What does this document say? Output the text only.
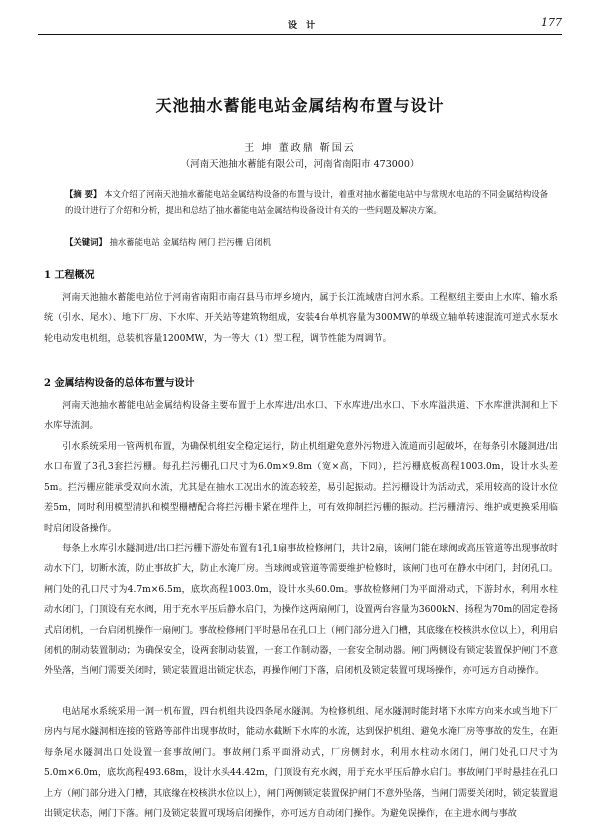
设 计	177
天池抽水蓄能电站金属结构布置与设计
王 坤 董政鼎 靳国云
（河南天池抽水蓄能有限公司，河南省南阳市 473000）
【摘 要】 本文介绍了河南天池抽水蓄能电站金属结构设备的布置与设计，着重对抽水蓄能电站中与常规水电站的不同金属结构设备的设计进行了介绍和分析，提出和总结了抽水蓄能电站金属结构设备设计有关的一些问题及解决方案。
【关键词】 抽水蓄能电站 金属结构 闸门 拦污栅 启闭机
1 工程概况

河南天池抽水蓄能电站位于河南省南阳市南召县马市坪乡境内，属于长江流域唐白河水系。工程枢纽主要由上水库、输水系统（引水、尾水）、地下厂房、下水库、开关站等建筑物组成，安装4台单机容量为300MW的单级立轴单转速混流可逆式水泵水轮电动发电机组，总装机容量1200MW，为一等大（1）型工程，调节性能为周调节。

2 金属结构设备的总体布置与设计

河南天池抽水蓄能电站金属结构设备主要布置于上水库进/出水口、下水库进/出水口、下水库溢洪道、下水库泄洪洞和上下水库导流洞。

引水系统采用一管两机布置，为确保机组安全稳定运行，防止机组避免意外污物进入流道而引起破坏，在每条引水隧洞进/出水口布置了3孔3套拦污栅。每孔拦污栅孔口尺寸为6.0m×9.8m（宽×高，下同），拦污栅底板高程1003.0m，设计水头差5m。拦污栅应能承受双向水流，尤其是在抽水工况出水的流态较差，易引起振动。拦污栅设计为活动式，采用较高的设计水位差5m，同时利用模型清扒和模型栅槽配合将拦污栅卡紧在埋件上，可有效抑制拦污栅的振动。拦污栅清污、维护或更换采用临时启闭设备操作。

每条上水库引水隧洞进/出口拦污栅下游处布置有1孔1扇事故检修闸门，共计2扇，该闸门能在球阀或高压管道等出现事故时动水下门，切断水流，防止事故扩大，防止水淹厂房。当球阀或管道等需要维护检修时，该闸门也可在静水中闭门，封闭孔口。闸门处的孔口尺寸为4.7m×6.5m，底坎高程1003.0m，设计水头60.0m。事故检修闸门为平面滑动式，下游封水，利用水柱动水闭门，门顶设有充水阀，用于充水平压后静水启门，为操作这两扇闸门，设置两台容量为3600kN、扬程为70m的固定卷扬式启闭机，一台启闭机操作一扇闸门。事故检修闸门平时悬吊在孔口上（闸门部分进入门槽，其底缘在校核洪水位以上），利用启闭机的制动装置制动；为确保安全，设两套制动装置，一套工作制动器，一套安全制动器。闸门两侧设有锁定装置保护闸门不意外坠落，当闸门需要关闭时，锁定装置退出锁定状态，再操作闸门下落，启闭机及锁定装置可现场操作，亦可远方自动操作。

电站尾水系统采用一洞一机布置，四台机组共设四条尾水隧洞。为检修机组、尾水隧洞时能封堵下水库方向来水或当地下厂房内与尾水隧洞相连接的管路等部件出现事故时，能动水截断下水库的水流，达到保护机组、避免水淹厂房等事故的发生，在距每条尾水隧洞出口处设置一套事故闸门。事故闸门系平面滑动式，厂房侧封水，利用水柱动水闭门，闸门处孔口尺寸为5.0m×6.0m，底坎高程493.68m，设计水头44.42m，门顶设有充水阀，用于充水平压后静水启门。事故闸门平时悬挂在孔口上方（闸门部分进入门槽，其底缘在校核洪水位以上），闸门两侧锁定装置保护闸门不意外坠落，当闸门需要关闭时，锁定装置退出锁定状态，闸门下落。闸门及锁定装置可现场启闭操作，亦可远方自动闭门操作。为避免误操作，在主进水阀与事故
